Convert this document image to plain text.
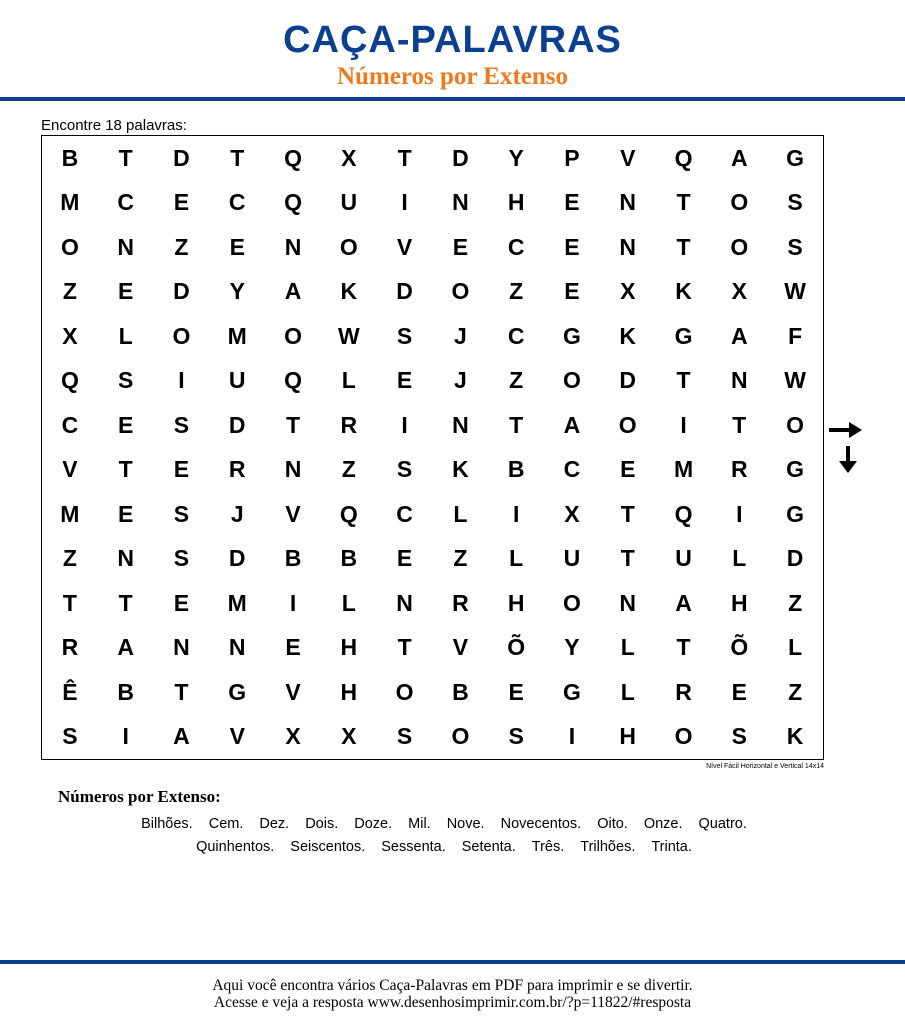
CAÇA-PALAVRAS
Números por Extenso
Encontre 18 palavras:
B	T	D	T	Q	X	T	D	Y	P	V	Q	A	G
M	C	E	C	Q	U	I	N	H	E	N	T	O	S
O	N	Z	E	N	O	V	E	C	E	N	T	O	S
Z	E	D	Y	A	K	D	O	Z	E	X	K	X	W
X	L	O	M	O	W	S	J	C	G	K	G	A	F
Q	S	I	U	Q	L	E	J	Z	O	D	T	N	W
C	E	S	D	T	R	I	N	T	A	O	I	T	O
V	T	E	R	N	Z	S	K	B	C	E	M	R	G
M	E	S	J	V	Q	C	L	I	X	T	Q	I	G
Z	N	S	D	B	B	E	Z	L	U	T	U	L	D
T	T	E	M	I	L	N	R	H	O	N	A	H	Z
R	A	N	N	E	H	T	V	Õ	Y	L	T	Õ	L
Ê	B	T	G	V	H	O	B	E	G	L	R	E	Z
S	I	A	V	X	X	S	O	S	I	H	O	S	K
Nível Fácil Horizontal e Vertical 14x14
Números por Extenso:
Bilhões. Cem. Dez. Dois. Doze. Mil. Nove. Novecentos. Oito. Onze. Quatro.
Quinhentos. Seiscentos. Sessenta. Setenta. Três. Trilhões. Trinta.
Aqui você encontra vários Caça-Palavras em PDF para imprimir e se divertir.
Acesse e veja a resposta www.desenhosimprimir.com.br/?p=11822/#resposta
